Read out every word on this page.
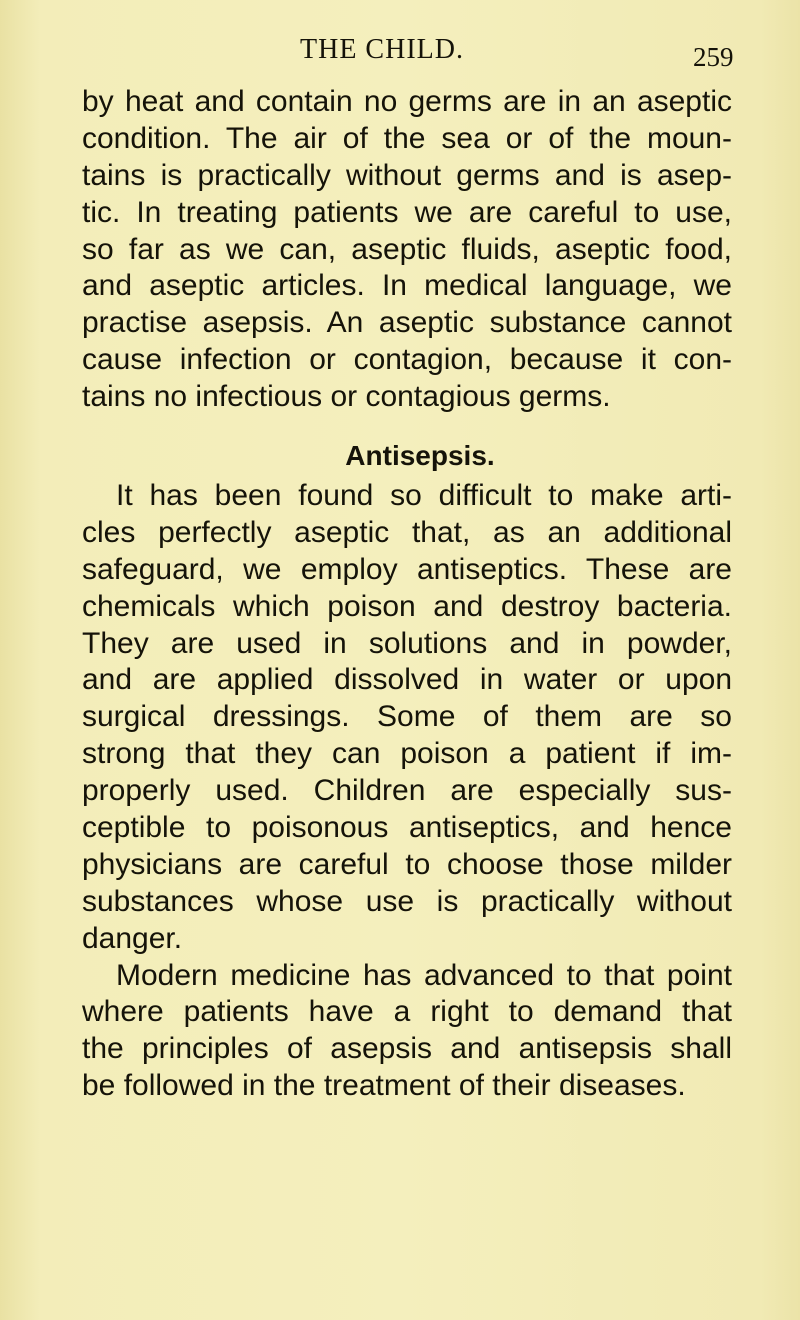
THE CHILD.	259
by heat and contain no germs are in an aseptic
condition. The air of the sea or of the moun-
tains is practically without germs and is asep-
tic. In treating patients we are careful to use,
so far as we can, aseptic fluids, aseptic food,
and aseptic articles. In medical language, we
practise asepsis. An aseptic substance cannot
cause infection or contagion, because it con-
tains no infectious or contagious germs.
Antisepsis.
It has been found so difficult to make arti-
cles perfectly aseptic that, as an additional
safeguard, we employ antiseptics. These are
chemicals which poison and destroy bacteria.
They are used in solutions and in powder,
and are applied dissolved in water or upon
surgical dressings. Some of them are so
strong that they can poison a patient if im-
properly used. Children are especially sus-
ceptible to poisonous antiseptics, and hence
physicians are careful to choose those milder
substances whose use is practically without
danger.
Modern medicine has advanced to that point
where patients have a right to demand that
the principles of asepsis and antisepsis shall
be followed in the treatment of their diseases.
